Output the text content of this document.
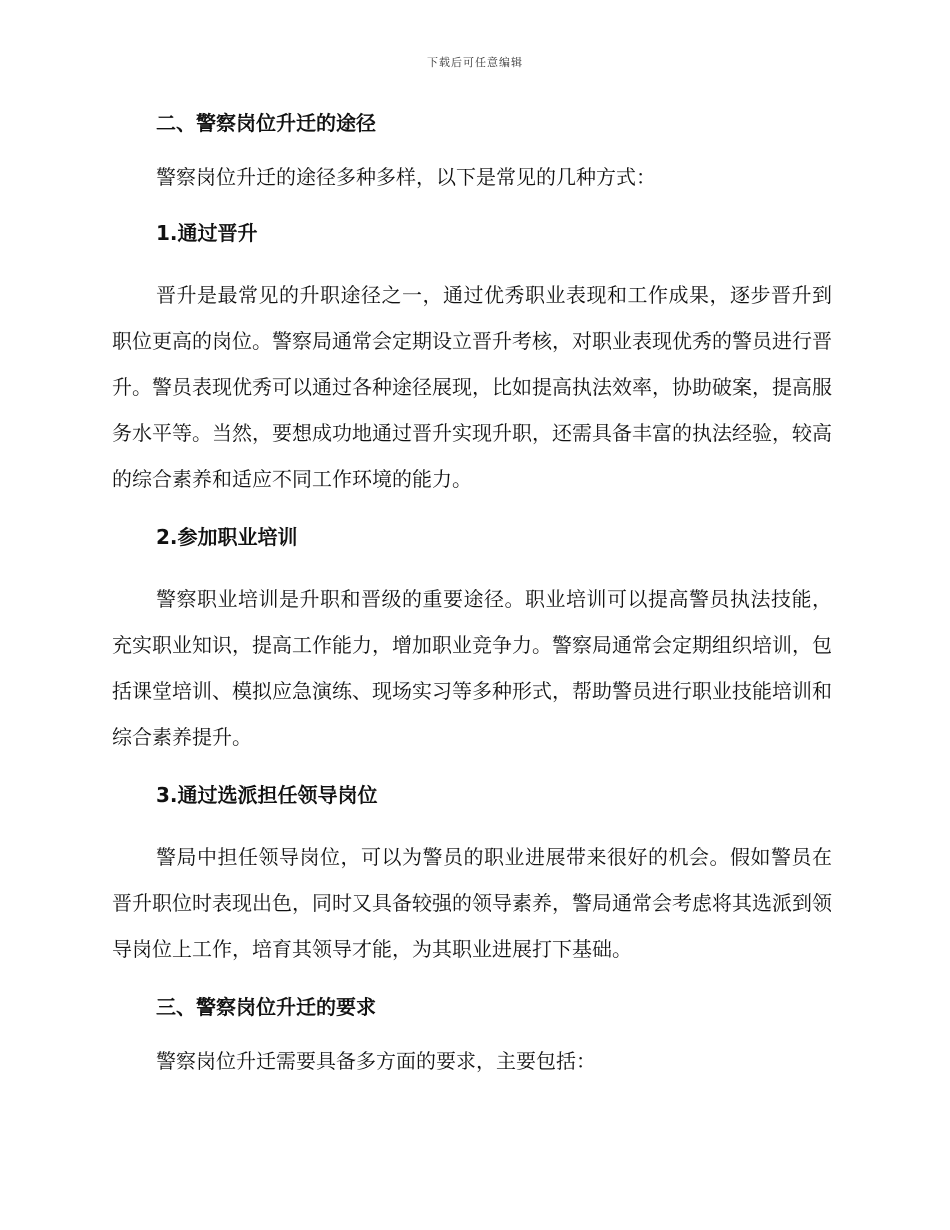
下载后可任意编辑
二、警察岗位升迁的途径
警察岗位升迁的途径多种多样，以下是常见的几种方式：
1.通过晋升
晋升是最常见的升职途径之一，通过优秀职业表现和工作成果，逐步晋升到职位更高的岗位。警察局通常会定期设立晋升考核，对职业表现优秀的警员进行晋升。警员表现优秀可以通过各种途径展现，比如提高执法效率，协助破案，提高服务水平等。当然，要想成功地通过晋升实现升职，还需具备丰富的执法经验，较高的综合素养和适应不同工作环境的能力。
2.参加职业培训
警察职业培训是升职和晋级的重要途径。职业培训可以提高警员执法技能，充实职业知识，提高工作能力，增加职业竞争力。警察局通常会定期组织培训，包括课堂培训、模拟应急演练、现场实习等多种形式，帮助警员进行职业技能培训和综合素养提升。
3.通过选派担任领导岗位
警局中担任领导岗位，可以为警员的职业进展带来很好的机会。假如警员在晋升职位时表现出色，同时又具备较强的领导素养，警局通常会考虑将其选派到领导岗位上工作，培育其领导才能，为其职业进展打下基础。
三、警察岗位升迁的要求
警察岗位升迁需要具备多方面的要求，主要包括：
